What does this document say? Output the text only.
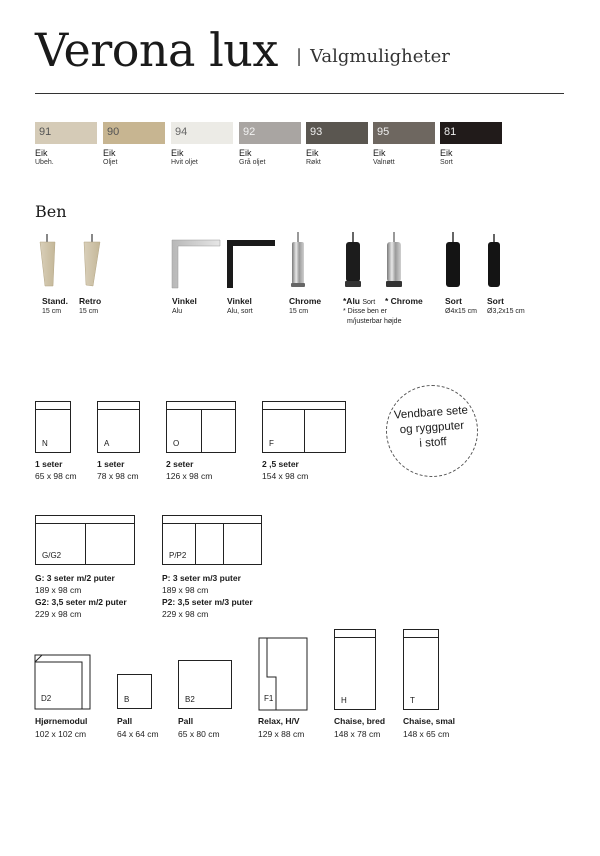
Verona lux | Valgmuligheter
91	90	94	92	93	95	81
Eik
Ubeh.
Eik
Oljet
Eik
Hvit oljet
Eik
Grå oljet
Eik
Røkt
Eik
Valnøtt
Eik
Sort
Ben
Stand.
15 cm
Retro
15 cm
Vinkel
Alu
Vinkel
Alu, sort
Chrome
15 cm
*Alu Sort
* Disse ben er
m/justerbar højde
* Chrome	Sort
Ø4x15 cm
Sort
Ø3,2x15 cm
N
1 seter
65 x 98 cm
A
1 seter
78 x 98 cm
O
2 seter
126 x 98 cm
F
2 ,5 seter
154 x 98 cm
Vendbare sete
og ryggputer
i stoff
G/G2
G: 3 seter m/2 puter
189 x 98 cm
G2: 3,5 seter m/2 puter
229 x 98 cm
P/P2
P: 3 seter m/3 puter
189 x 98 cm
P2: 3,5 seter m/3 puter
229 x 98 cm
D2
Hjørnemodul
102 x 102 cm
B
Pall
64 x 64 cm
B2
Pall
65 x 80 cm
F1
Relax, H/V
129 x 88 cm
H
Chaise, bred
148 x 78 cm
T
Chaise, smal
148 x 65 cm
